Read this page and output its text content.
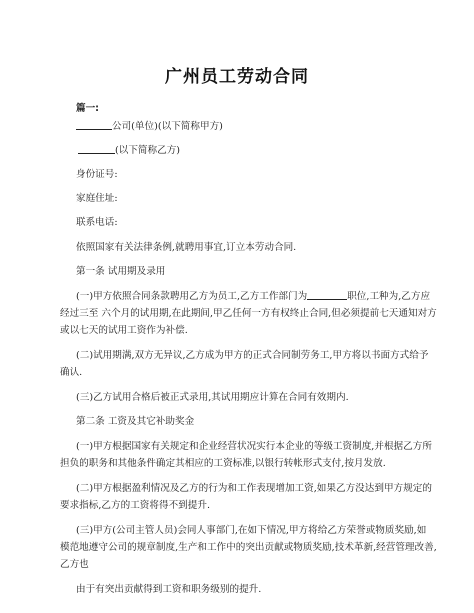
广州员工劳动合同
篇一:
公司(单位)(以下简称甲方)
(以下简称乙方)
身份证号:
家庭住址:
联系电话:
依照国家有关法律条例,就聘用事宜,订立本劳动合同.
第一条 试用期及录用
(一)甲方依照合同条款聘用乙方为员工,乙方工作部门为	职位,工种为,乙方应
经过三至 六个月的试用期,在此期间,甲乙任何一方有权终止合同,但必须提前七天通知对方
或以七天的试用工资作为补偿.
(二)试用期满,双方无异议,乙方成为甲方的正式合同制劳务工,甲方将以书面方式给予
确认.
(三)乙方试用合格后被正式录用,其试用期应计算在合同有效期内.
第二条 工资及其它补助奖金
(一)甲方根据国家有关规定和企业经营状况实行本企业的等级工资制度,并根据乙方所
担负的职务和其他条件确定其相应的工资标准,以银行转帐形式支付,按月发放.
(二)甲方根据盈利情况及乙方的行为和工作表现增加工资,如果乙方没达到甲方规定的
要求指标,乙方的工资将得不到提升.
(三)甲方(公司主管人员)会同人事部门,在如下情况,甲方将给乙方荣誉或物质奖励,如
模范地遵守公司的规章制度,生产和工作中的突出贡献或物质奖励,技术革新,经营管理改善,
乙方也
由于有突出贡献得到工资和职务级别的提升.
